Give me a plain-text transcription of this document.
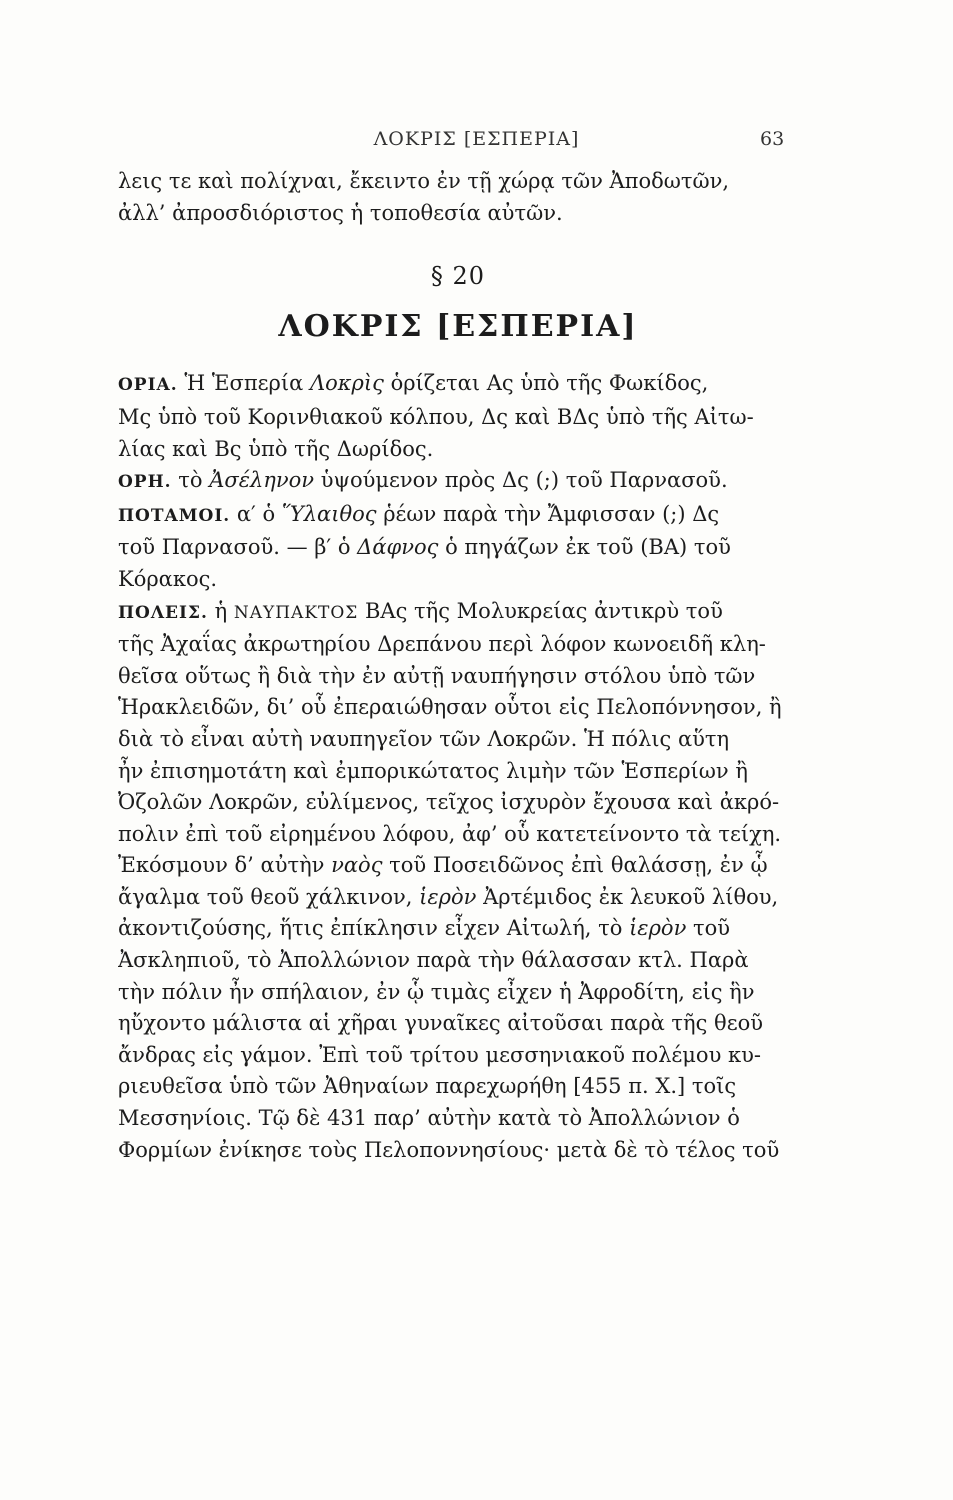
ΛΟΚΡΙΣ [ΕΣΠΕΡΙΑ]	63
λεις τε καὶ πολίχναι, ἔκειντο ἐν τῇ χώρᾳ τῶν Ἀποδωτῶν,
ἀλλ’ ἀπροσδιόριστος ἡ τοποθεσία αὐτῶν.
§ 20
ΛΟΚΡΙΣ [ΕΣΠΕΡΙΑ]
ΟΡΙΑ. Ἡ Ἑσπερία Λοκρὶς ὁρίζεται Ας ὑπὸ τῆς Φωκίδος,
Μς ὑπὸ τοῦ Κορινθιακοῦ κόλπου, Δς καὶ ΒΔς ὑπὸ τῆς Αἰτω-
λίας καὶ Βς ὑπὸ τῆς Δωρίδος.
ΟΡΗ. τὸ Ἀσέληνον ὑψούμενον πρὸς Δς (;) τοῦ Παρνασοῦ.
ΠΟΤΑΜΟΙ. α′ ὁ Ὕλαιθος ῥέων παρὰ τὴν Ἄμφισσαν (;) Δς
τοῦ Παρνασοῦ. — β′ ὁ Δάφνος ὁ πηγάζων ἐκ τοῦ (ΒΑ) τοῦ
Κόρακος.
ΠΟΛΕΙΣ. ἡ ΝΑΥΠΑΚΤΟΣ ΒΑς τῆς Μολυκρείας ἀντικρὺ τοῦ
τῆς Ἀχαΐας ἀκρωτηρίου Δρεπάνου περὶ λόφον κωνοειδῆ κλη-
θεῖσα οὕτως ἢ διὰ τὴν ἐν αὐτῇ ναυπήγησιν στόλου ὑπὸ τῶν
Ἡρακλειδῶν, δι’ οὗ ἐπεραιώθησαν οὗτοι εἰς Πελοπόννησον, ἢ
διὰ τὸ εἶναι αὐτὴ ναυπηγεῖον τῶν Λοκρῶν. Ἡ πόλις αὕτη
ἦν ἐπισημοτάτη καὶ ἐμπορικώτατος λιμὴν τῶν Ἑσπερίων ἢ
Ὀζολῶν Λοκρῶν, εὐλίμενος, τεῖχος ἰσχυρὸν ἔχουσα καὶ ἀκρό-
πολιν ἐπὶ τοῦ εἰρημένου λόφου, ἀφ’ οὗ κατετείνοντο τὰ τείχη.
Ἐκόσμουν δ’ αὐτὴν ναὸς τοῦ Ποσειδῶνος ἐπὶ θαλάσσῃ, ἐν ᾧ
ἄγαλμα τοῦ θεοῦ χάλκινον, ἱερὸν Ἀρτέμιδος ἐκ λευκοῦ λίθου,
ἀκοντιζούσης, ἥτις ἐπίκλησιν εἶχεν Αἰτωλή, τὸ ἱερὸν τοῦ
Ἀσκληπιοῦ, τὸ Ἀπολλώνιον παρὰ τὴν θάλασσαν κτλ. Παρὰ
τὴν πόλιν ἦν σπήλαιον, ἐν ᾧ τιμὰς εἶχεν ἡ Ἀφροδίτη, εἰς ἣν
ηὔχοντο μάλιστα αἱ χῆραι γυναῖκες αἰτοῦσαι παρὰ τῆς θεοῦ
ἄνδρας εἰς γάμον. Ἐπὶ τοῦ τρίτου μεσσηνιακοῦ πολέμου κυ-
ριευθεῖσα ὑπὸ τῶν Ἀθηναίων παρεχωρήθη [455 π. Χ.] τοῖς
Μεσσηνίοις. Τῷ δὲ 431 παρ’ αὐτὴν κατὰ τὸ Ἀπολλώνιον ὁ
Φορμίων ἐνίκησε τοὺς Πελοποννησίους· μετὰ δὲ τὸ τέλος τοῦ
